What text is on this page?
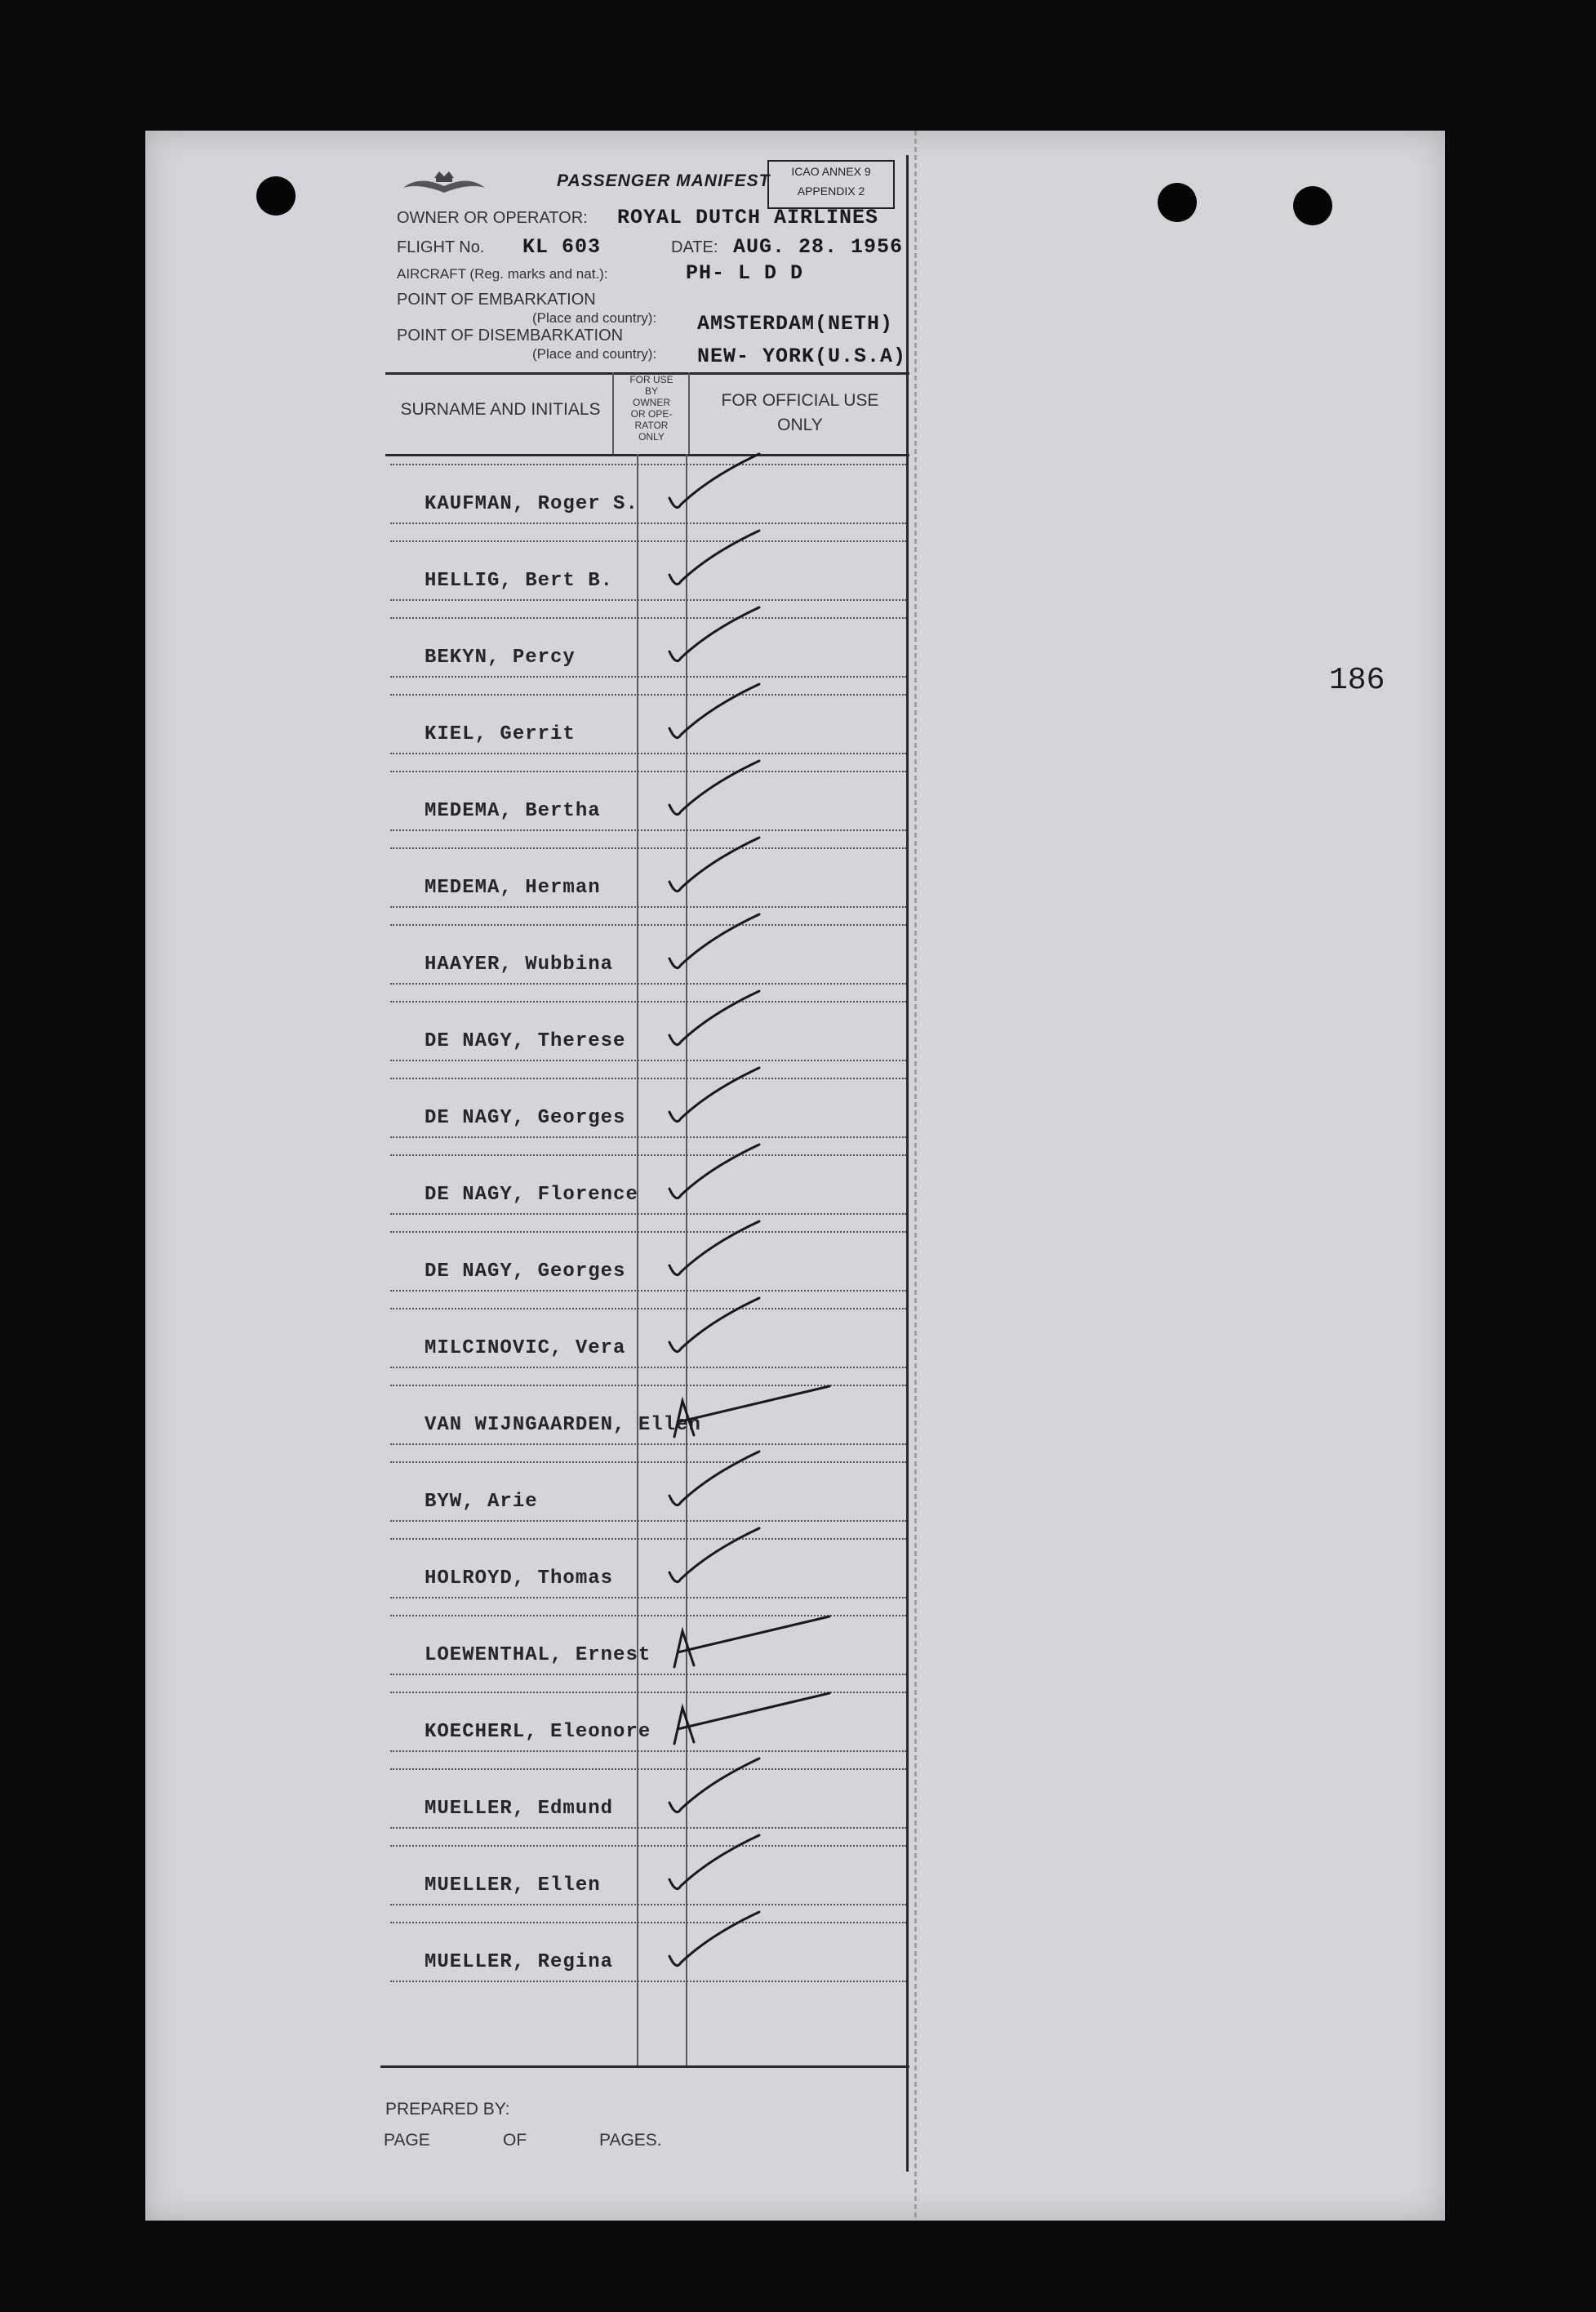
PASSENGER MANIFEST	ICAO ANNEX 9
APPENDIX 2
OWNER OR OPERATOR: ROYAL DUTCH AIRLINES
FLIGHT No. KL 603	DATE: AUG. 28. 1956
AIRCRAFT (Reg. marks and nat.):	PH- L D D
POINT OF EMBARKATION
(Place and country): AMSTERDAM(NETH)
POINT OF DISEMBARKATION
(Place and country): NEW- YORK(U.S.A)
SURNAME AND INITIALS
FOR USE
BY
OWNER
OR OPE-
RATOR
ONLY
FOR OFFICIAL USE ONLY
KAUFMAN, Roger S.
HELLIG, Bert B.
BEKYN, Percy
KIEL, Gerrit
MEDEMA, Bertha
MEDEMA, Herman
HAAYER, Wubbina
DE NAGY, Therese
DE NAGY, Georges
DE NAGY, Florence
DE NAGY, Georges
MILCINOVIC, Vera
VAN WIJNGAARDEN, Ellen
BYW, Arie
HOLROYD, Thomas
LOEWENTHAL, Ernest
KOECHERL, Eleonore
MUELLER, Edmund
MUELLER, Ellen
MUELLER, Regina
186
PREPARED BY:
PAGE	OF	PAGES.
